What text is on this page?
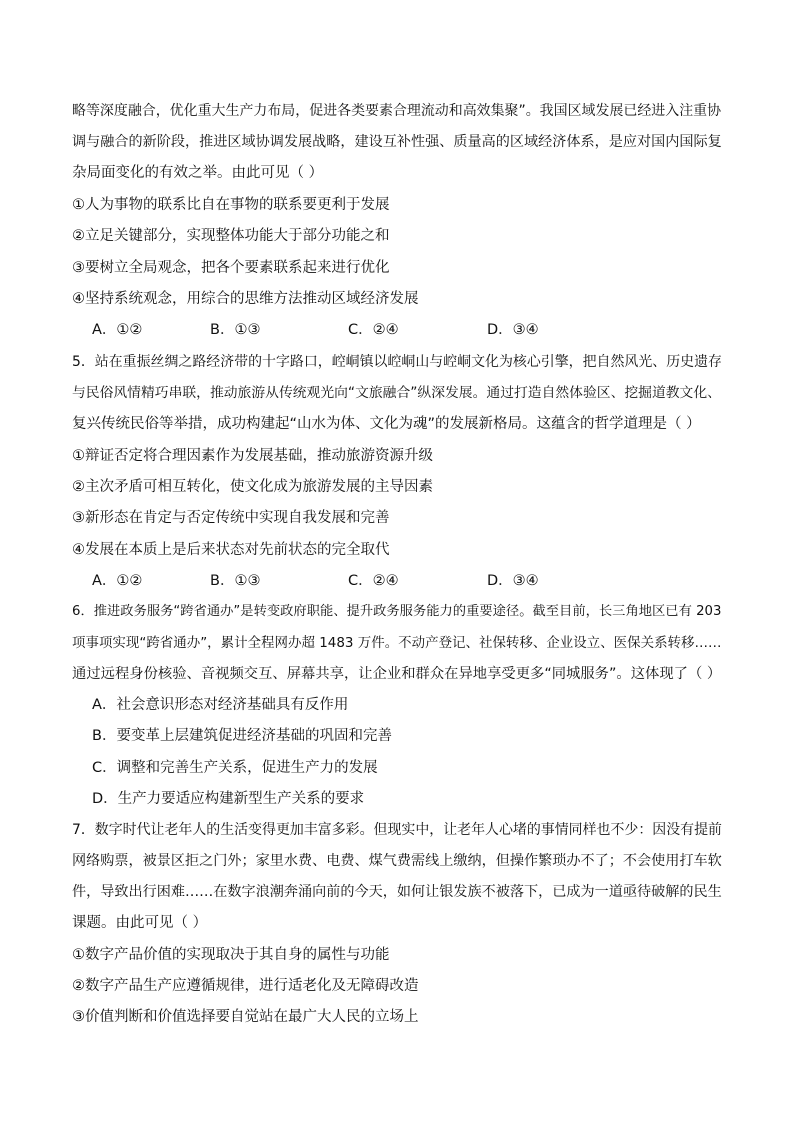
略等深度融合，优化重大生产力布局，促进各类要素合理流动和高效集聚”。我国区域发展已经进入注重协
调与融合的新阶段，推进区域协调发展战略，建设互补性强、质量高的区域经济体系，是应对国内国际复
杂局面变化的有效之举。由此可见（ ）
①人为事物的联系比自在事物的联系要更利于发展
②立足关键部分，实现整体功能大于部分功能之和
③要树立全局观念，把各个要素联系起来进行优化
④坚持系统观念，用综合的思维方法推动区域经济发展
A．①②	B．①③	C．②④	D．③④
5．站在重振丝绸之路经济带的十字路口，崆峒镇以崆峒山与崆峒文化为核心引擎，把自然风光、历史遗存
与民俗风情精巧串联，推动旅游从传统观光向“文旅融合”纵深发展。通过打造自然体验区、挖掘道教文化、
复兴传统民俗等举措，成功构建起“山水为体、文化为魂”的发展新格局。这蕴含的哲学道理是（ ）
①辩证否定将合理因素作为发展基础，推动旅游资源升级
②主次矛盾可相互转化，使文化成为旅游发展的主导因素
③新形态在肯定与否定传统中实现自我发展和完善
④发展在本质上是后来状态对先前状态的完全取代
A．①②	B．①③	C．②④	D．③④
6．推进政务服务“跨省通办”是转变政府职能、提升政务服务能力的重要途径。截至目前，长三角地区已有 203
项事项实现“跨省通办”，累计全程网办超 1483 万件。不动产登记、社保转移、企业设立、医保关系转移……
通过远程身份核验、音视频交互、屏幕共享，让企业和群众在异地享受更多“同城服务”。这体现了（ ）
A．社会意识形态对经济基础具有反作用
B．要变革上层建筑促进经济基础的巩固和完善
C．调整和完善生产关系，促进生产力的发展
D．生产力要适应构建新型生产关系的要求
7．数字时代让老年人的生活变得更加丰富多彩。但现实中，让老年人心堵的事情同样也不少：因没有提前
网络购票，被景区拒之门外；家里水费、电费、煤气费需线上缴纳，但操作繁琐办不了；不会使用打车软
件，导致出行困难……在数字浪潮奔涌向前的今天，如何让银发族不被落下，已成为一道亟待破解的民生
课题。由此可见（ ）
①数字产品价值的实现取决于其自身的属性与功能
②数字产品生产应遵循规律，进行适老化及无障碍改造
③价值判断和价值选择要自觉站在最广大人民的立场上
